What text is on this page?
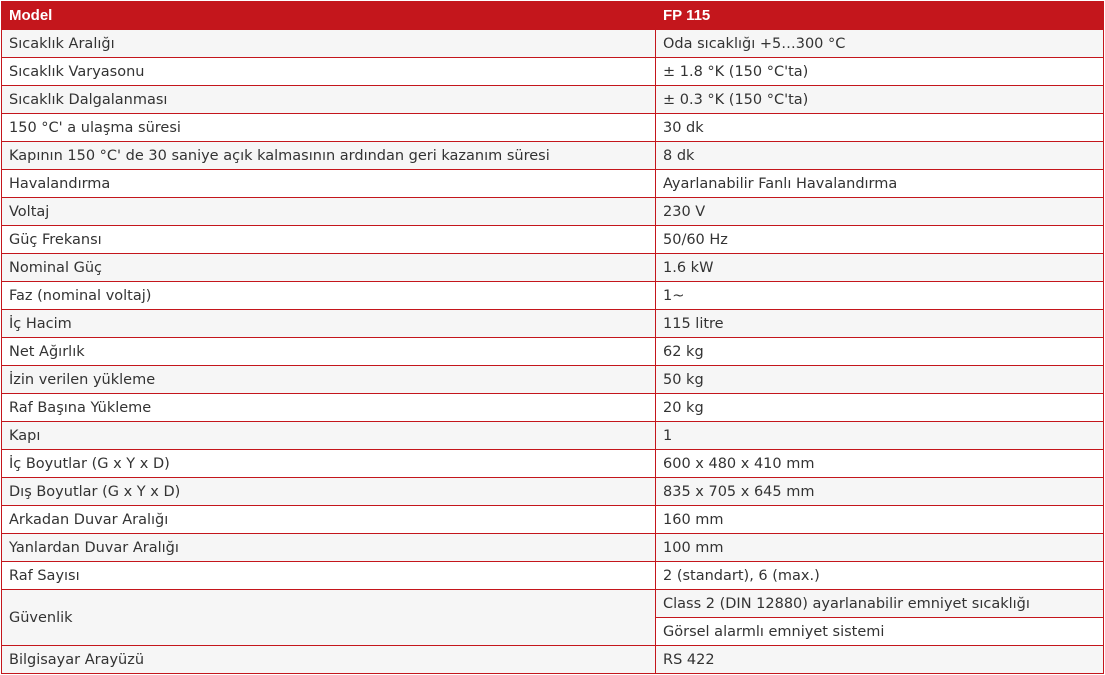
Model	FP 115
Sıcaklık Aralığı	Oda sıcaklığı +5…300 °C
Sıcaklık Varyasonu	± 1.8 °K (150 °C'ta)
Sıcaklık Dalgalanması	± 0.3 °K (150 °C'ta)
150 °C' a ulaşma süresi	30 dk
Kapının 150 °C' de 30 saniye açık kalmasının ardından geri kazanım süresi	8 dk
Havalandırma	Ayarlanabilir Fanlı Havalandırma
Voltaj	230 V
Güç Frekansı	50/60 Hz
Nominal Güç	1.6 kW
Faz (nominal voltaj)	1~
İç Hacim	115 litre
Net Ağırlık	62 kg
İzin verilen yükleme	50 kg
Raf Başına Yükleme	20 kg
Kapı	1
İç Boyutlar (G x Y x D)	600 x 480 x 410 mm
Dış Boyutlar (G x Y x D)	835 x 705 x 645 mm
Arkadan Duvar Aralığı	160 mm
Yanlardan Duvar Aralığı	100 mm
Raf Sayısı	2 (standart), 6 (max.)
Güvenlik	Class 2 (DIN 12880) ayarlanabilir emniyet sıcaklığı
	Görsel alarmlı emniyet sistemi
Bilgisayar Arayüzü	RS 422
